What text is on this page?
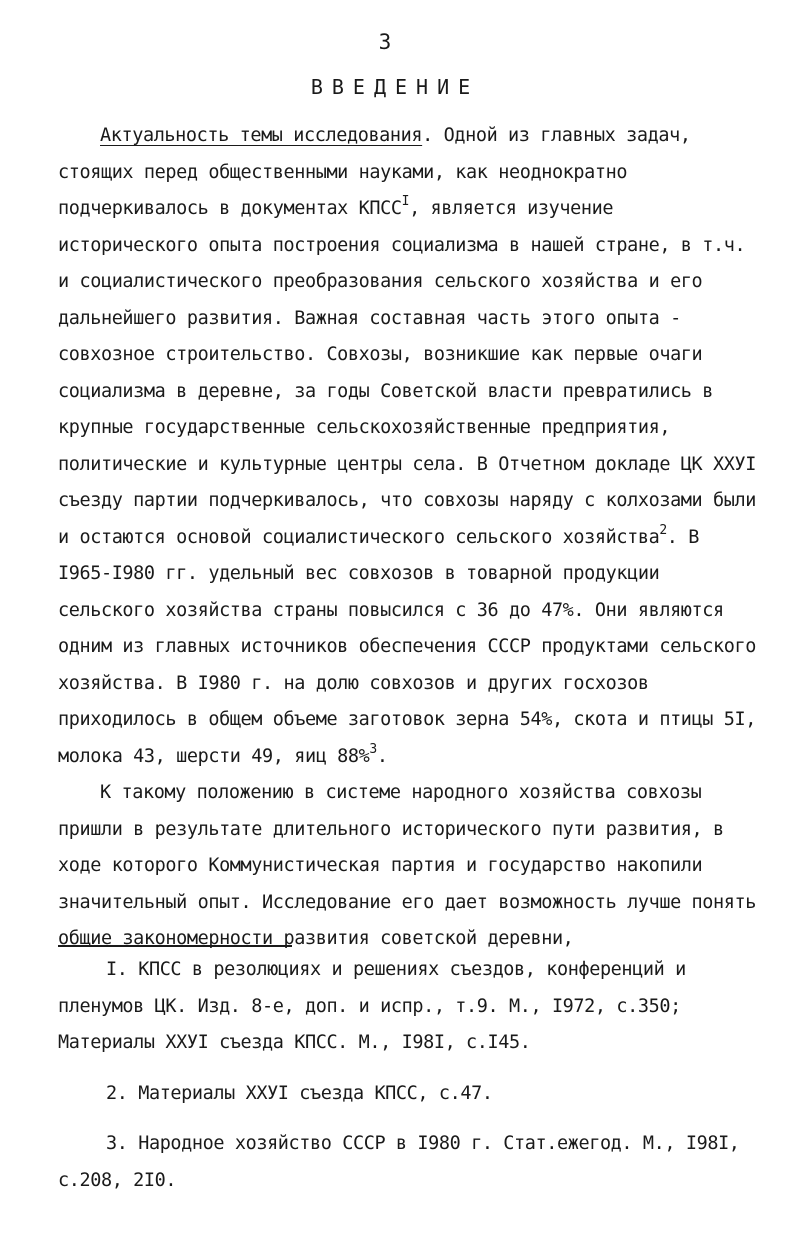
3
ВВЕДЕНИЕ

Актуальность темы исследования. Одной из главных задач, стоящих перед общественными науками, как неоднократно подчеркивалось в документах $КПСС^I$, является изучение исторического опыта построения социализма в нашей стране, в т.ч. и социалистического преобразования сельского хозяйства и его дальнейшего развития. Важная составная часть этого опыта - совхозное строительство. Совхозы, возникшие как первые очаги социализма в деревне, за годы Советской власти превратились в крупные государственные сельскохозяйственные предприятия, политические и культурные центры села. В Отчетном докладе ЦК XXУI съезду партии подчеркивалось, что совхозы наряду с колхозами были и остаются основой социалистического сельского хозяйства$^2$. В I965-I980 гг. удельный вес совхозов в товарной продукции сельского хозяйства страны повысился с 36 до 47%. Они являются одним из главных источников обеспечения СССР продуктами сельского хозяйства. В I980 г. на долю совхозов и других госхозов приходилось в общем объеме заготовок зерна 54%, скота и птицы 5I, молока 43, шерсти 49, яиц 88%$^3$.

К такому положению в системе народного хозяйства совхозы пришли в результате длительного исторического пути развития, в ходе которого Коммунистическая партия и государство накопили значительный опыт. Исследование его дает возможность лучше понять общие закономерности развития советской деревни,

I. КПСС в резолюциях и решениях съездов, конференций и пленумов ЦК. Изд. 8-е, доп. и испр., т.9. М., I972, с.350; Материалы XXУI съезда КПСС. М., I98I, с.I45.

2. Материалы XXУI съезда КПСС, с.47.

3. Народное хозяйство СССР в I980 г. Стат.ежегод. М., I98I, с.208, 2I0.
